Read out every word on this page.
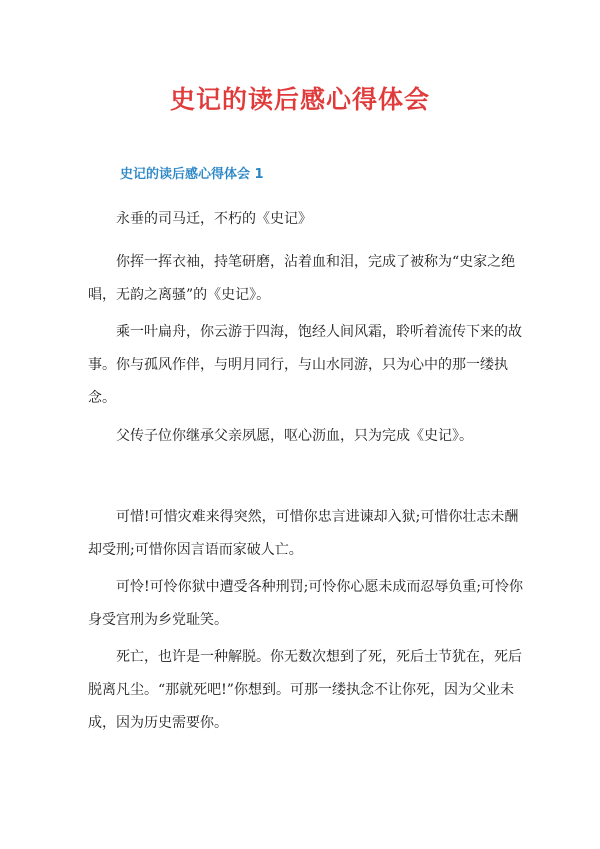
史记的读后感心得体会
史记的读后感心得体会 1

永垂的司马迁，不朽的《史记》

你挥一挥衣袖，持笔研磨，沾着血和泪，完成了被称为“史家之绝唱，无韵之离骚”的《史记》。

乘一叶扁舟，你云游于四海，饱经人间风霜，聆听着流传下来的故事。你与孤风作伴，与明月同行，与山水同游，只为心中的那一缕执念。

父传子位你继承父亲夙愿，呕心沥血，只为完成《史记》。

可惜!可惜灾难来得突然，可惜你忠言进谏却入狱;可惜你壮志未酬却受刑;可惜你因言语而家破人亡。

可怜!可怜你狱中遭受各种刑罚;可怜你心愿未成而忍辱负重;可怜你身受宫刑为乡党耻笑。

死亡，也许是一种解脱。你无数次想到了死，死后士节犹在，死后脱离凡尘。“那就死吧!”你想到。可那一缕执念不让你死，因为父业未成，因为历史需要你。
